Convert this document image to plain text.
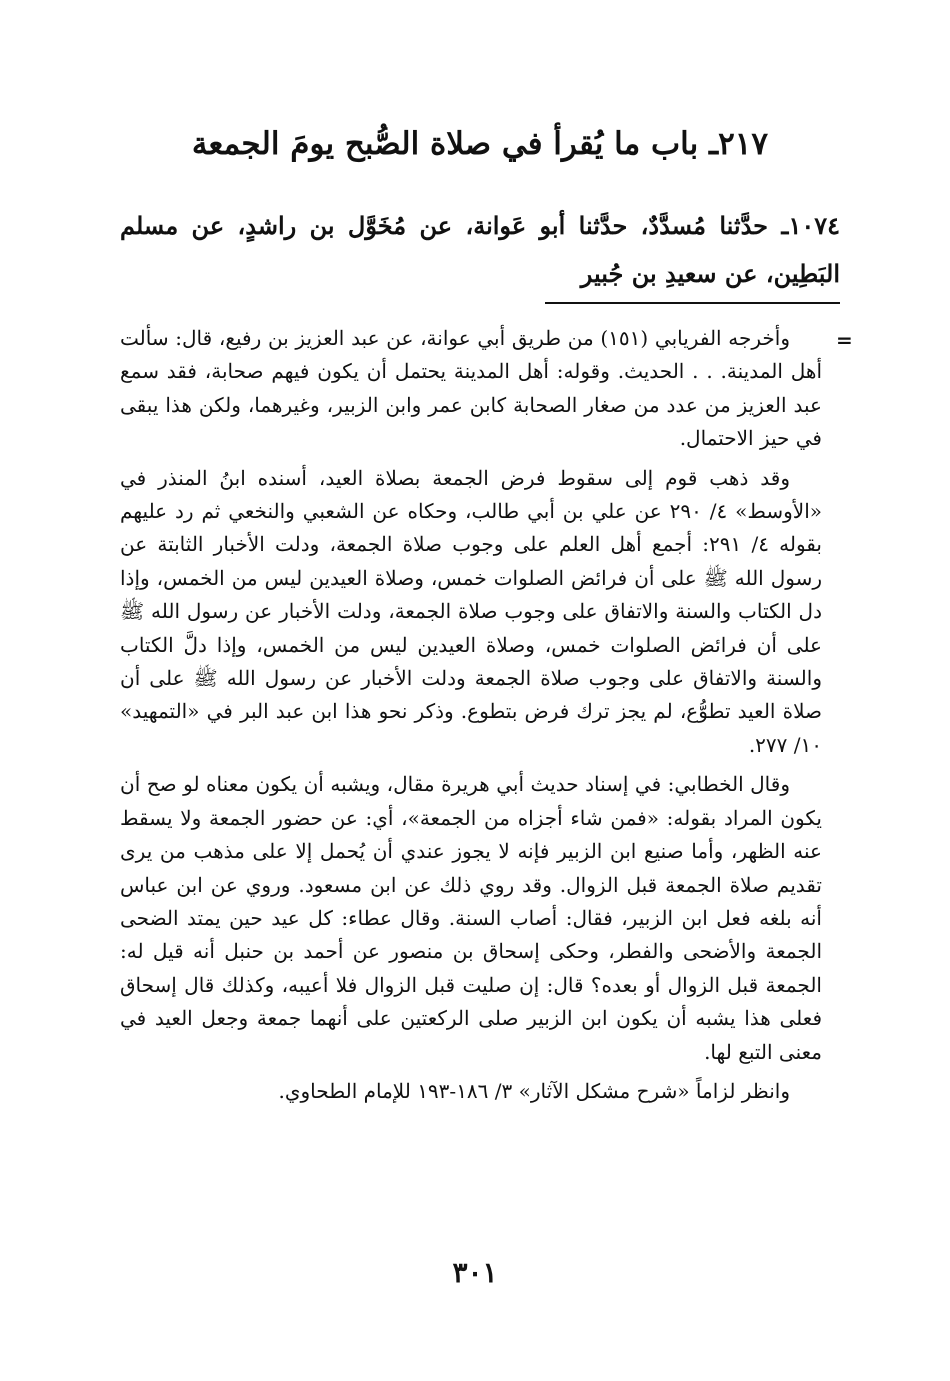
٢١٧ـ باب ما يُقرأ في صلاة الصُّبح يومَ الجمعة

١٠٧٤ـ حدَّثنا مُسدَّدٌ، حدَّثنا أبو عَوانة، عن مُخَوَّل بن راشدٍ، عن مسلم البَطِين، عن سعيدِ بن جُبير

=

وأخرجه الفريابي (١٥١) من طريق أبي عوانة، عن عبد العزيز بن رفيع، قال: سألت أهل المدينة. . . الحديث. وقوله: أهل المدينة يحتمل أن يكون فيهم صحابة، فقد سمع عبد العزيز من عدد من صغار الصحابة كابن عمر وابن الزبير، وغيرهما، ولكن هذا يبقى في حيز الاحتمال.

وقد ذهب قوم إلى سقوط فرض الجمعة بصلاة العيد، أسنده ابنُ المنذر في «الأوسط» ٤/ ٢٩٠ عن علي بن أبي طالب، وحكاه عن الشعبي والنخعي ثم رد عليهم بقوله ٤/ ٢٩١: أجمع أهل العلم على وجوب صلاة الجمعة، ودلت الأخبار الثابتة عن رسول الله ﷺ على أن فرائض الصلوات خمس، وصلاة العيدين ليس من الخمس، وإذا دل الكتاب والسنة والاتفاق على وجوب صلاة الجمعة، ودلت الأخبار عن رسول الله ﷺ على أن فرائض الصلوات خمس، وصلاة العيدين ليس من الخمس، وإذا دلَّ الكتاب والسنة والاتفاق على وجوب صلاة الجمعة ودلت الأخبار عن رسول الله ﷺ على أن صلاة العيد تطوُّع، لم يجز ترك فرض بتطوع. وذكر نحو هذا ابن عبد البر في «التمهيد» ١٠/ ٢٧٧.

وقال الخطابي: في إسناد حديث أبي هريرة مقال، ويشبه أن يكون معناه لو صح أن يكون المراد بقوله: «فمن شاء أجزاه من الجمعة»، أي: عن حضور الجمعة ولا يسقط عنه الظهر، وأما صنيع ابن الزبير فإنه لا يجوز عندي أن يُحمل إلا على مذهب من يرى تقديم صلاة الجمعة قبل الزوال. وقد روي ذلك عن ابن مسعود. وروي عن ابن عباس أنه بلغه فعل ابن الزبير، فقال: أصاب السنة. وقال عطاء: كل عيد حين يمتد الضحى الجمعة والأضحى والفطر، وحكى إسحاق بن منصور عن أحمد بن حنبل أنه قيل له: الجمعة قبل الزوال أو بعده؟ قال: إن صليت قبل الزوال فلا أعيبه، وكذلك قال إسحاق فعلى هذا يشبه أن يكون ابن الزبير صلى الركعتين على أنهما جمعة وجعل العيد في معنى التبع لها.

وانظر لزاماً «شرح مشكل الآثار» ٣/ ١٨٦-١٩٣ للإمام الطحاوي.

٣٠١
